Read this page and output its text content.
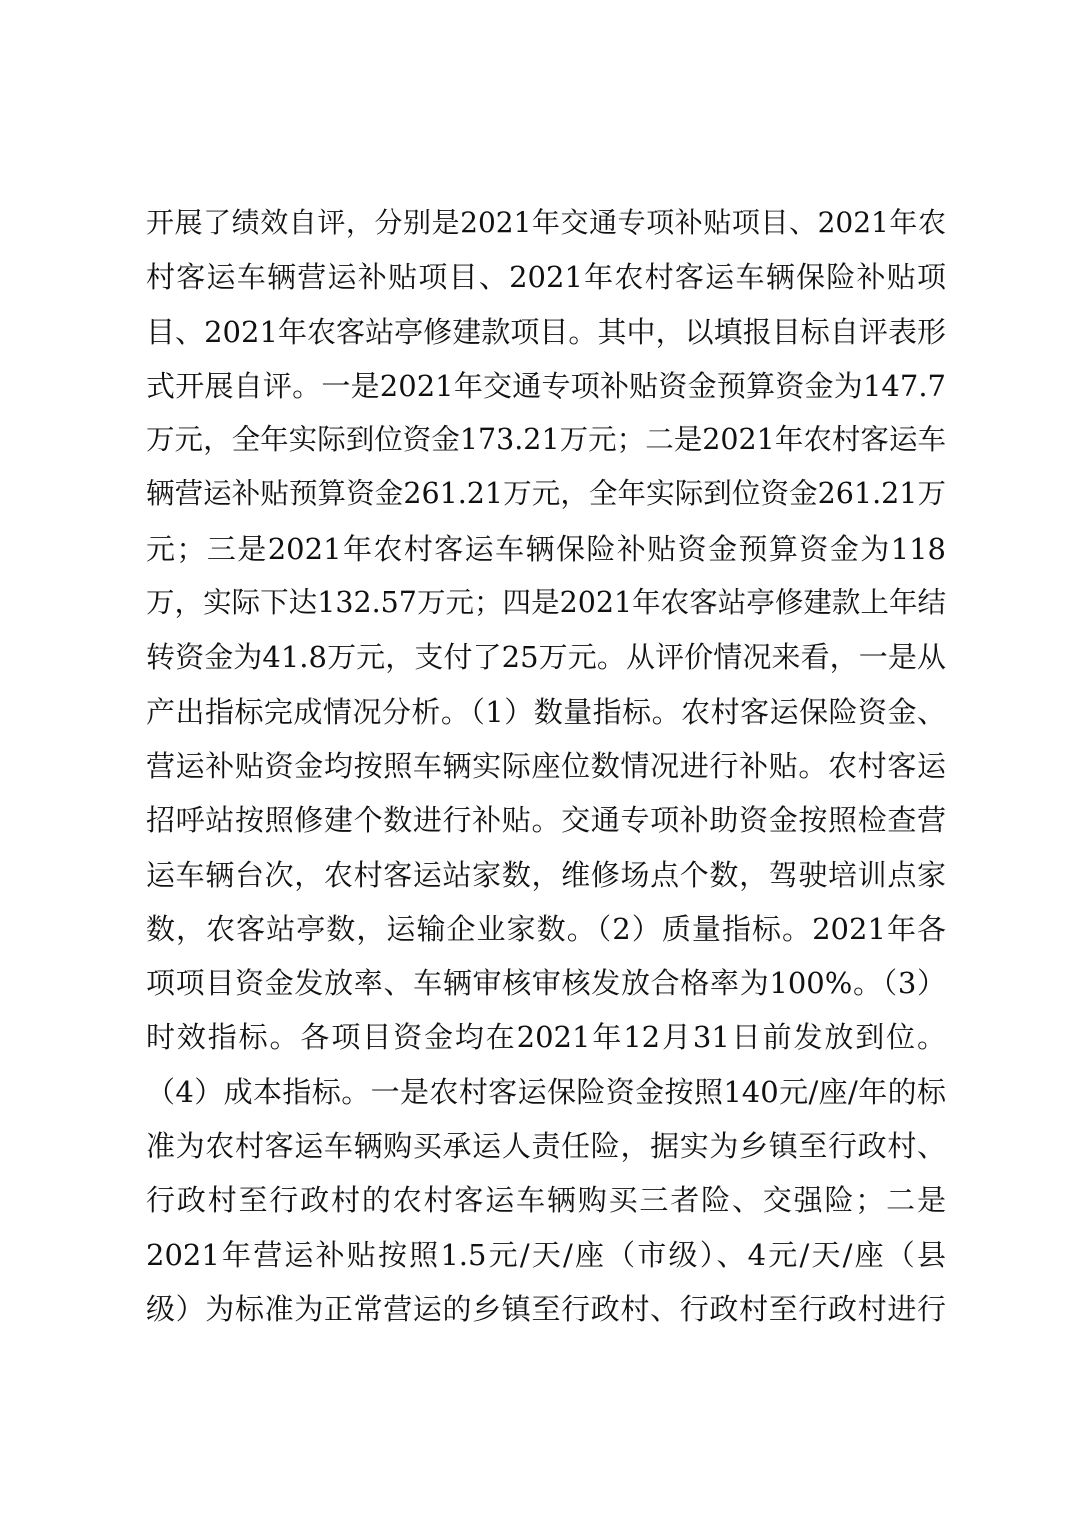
开展了绩效自评，分别是2021年交通专项补贴项目、2021年农
村客运车辆营运补贴项目、2021年农村客运车辆保险补贴项
目、2021年农客站亭修建款项目。其中，以填报目标自评表形
式开展自评。一是2021年交通专项补贴资金预算资金为147.7
万元，全年实际到位资金173.21万元；二是2021年农村客运车
辆营运补贴预算资金261.21万元，全年实际到位资金261.21万
元；三是2021年农村客运车辆保险补贴资金预算资金为118
万，实际下达132.57万元；四是2021年农客站亭修建款上年结
转资金为41.8万元，支付了25万元。从评价情况来看，一是从
产出指标完成情况分析。（1）数量指标。农村客运保险资金、
营运补贴资金均按照车辆实际座位数情况进行补贴。农村客运
招呼站按照修建个数进行补贴。交通专项补助资金按照检查营
运车辆台次，农村客运站家数，维修场点个数，驾驶培训点家
数，农客站亭数，运输企业家数。（2）质量指标。2021年各
项项目资金发放率、车辆审核审核发放合格率为100%。（3）
时效指标。各项目资金均在2021年12月31日前发放到位。
（4）成本指标。一是农村客运保险资金按照140元/座/年的标
准为农村客运车辆购买承运人责任险，据实为乡镇至行政村、
行政村至行政村的农村客运车辆购买三者险、交强险；二是
2021年营运补贴按照1.5元/天/座（市级）、4元/天/座（县
级）为标准为正常营运的乡镇至行政村、行政村至行政村进行
